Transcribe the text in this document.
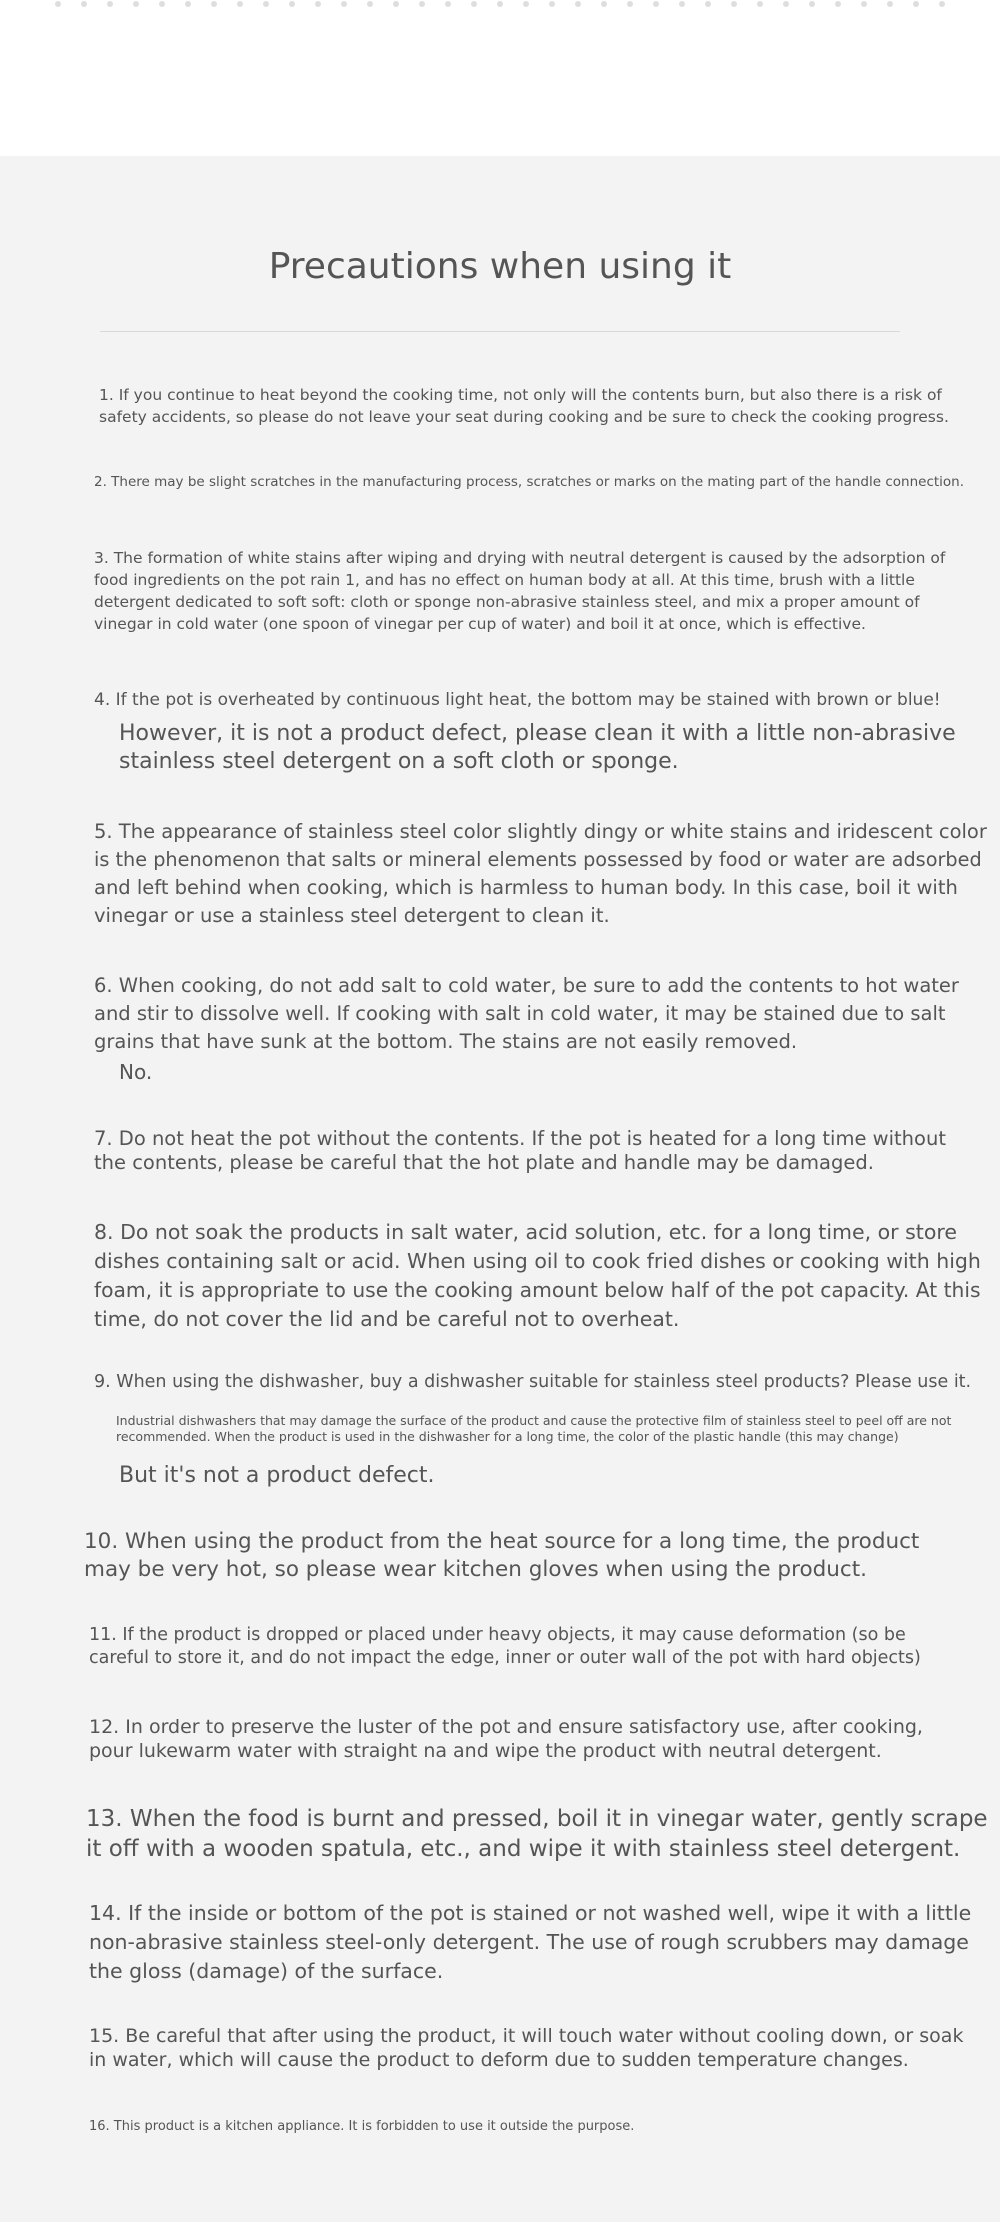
Precautions when using it

1. If you continue to heat beyond the cooking time, not only will the contents burn, but also there is a risk of

safety accidents, so please do not leave your seat during cooking and be sure to check the cooking progress.

2. There may be slight scratches in the manufacturing process, scratches or marks on the mating part of the handle connection.

3. The formation of white stains after wiping and drying with neutral detergent is caused by the adsorption of

food ingredients on the pot rain 1, and has no effect on human body at all. At this time, brush with a little

detergent dedicated to soft soft: cloth or sponge non-abrasive stainless steel, and mix a proper amount of

vinegar in cold water (one spoon of vinegar per cup of water) and boil it at once, which is effective.

4. If the pot is overheated by continuous light heat, the bottom may be stained with brown or blue!

However, it is not a product defect, please clean it with a little non-abrasive

stainless steel detergent on a soft cloth or sponge.

5. The appearance of stainless steel color slightly dingy or white stains and iridescent color

is the phenomenon that salts or mineral elements possessed by food or water are adsorbed

and left behind when cooking, which is harmless to human body. In this case, boil it with

vinegar or use a stainless steel detergent to clean it.

6. When cooking, do not add salt to cold water, be sure to add the contents to hot water

and stir to dissolve well. If cooking with salt in cold water, it may be stained due to salt

grains that have sunk at the bottom. The stains are not easily removed.

No.

7. Do not heat the pot without the contents. If the pot is heated for a long time without

the contents, please be careful that the hot plate and handle may be damaged.

8. Do not soak the products in salt water, acid solution, etc. for a long time, or store

dishes containing salt or acid. When using oil to cook fried dishes or cooking with high

foam, it is appropriate to use the cooking amount below half of the pot capacity. At this

time, do not cover the lid and be careful not to overheat.

9. When using the dishwasher, buy a dishwasher suitable for stainless steel products? Please use it.

Industrial dishwashers that may damage the surface of the product and cause the protective film of stainless steel to peel off are not

recommended. When the product is used in the dishwasher for a long time, the color of the plastic handle (this may change)

But it's not a product defect.

10. When using the product from the heat source for a long time, the product

may be very hot, so please wear kitchen gloves when using the product.

11. If the product is dropped or placed under heavy objects, it may cause deformation (so be

careful to store it, and do not impact the edge, inner or outer wall of the pot with hard objects)

12. In order to preserve the luster of the pot and ensure satisfactory use, after cooking,

pour lukewarm water with straight na and wipe the product with neutral detergent.

13. When the food is burnt and pressed, boil it in vinegar water, gently scrape

it off with a wooden spatula, etc., and wipe it with stainless steel detergent.

14. If the inside or bottom of the pot is stained or not washed well, wipe it with a little

non-abrasive stainless steel-only detergent. The use of rough scrubbers may damage

the gloss (damage) of the surface.

15. Be careful that after using the product, it will touch water without cooling down, or soak

in water, which will cause the product to deform due to sudden temperature changes.

16. This product is a kitchen appliance. It is forbidden to use it outside the purpose.
